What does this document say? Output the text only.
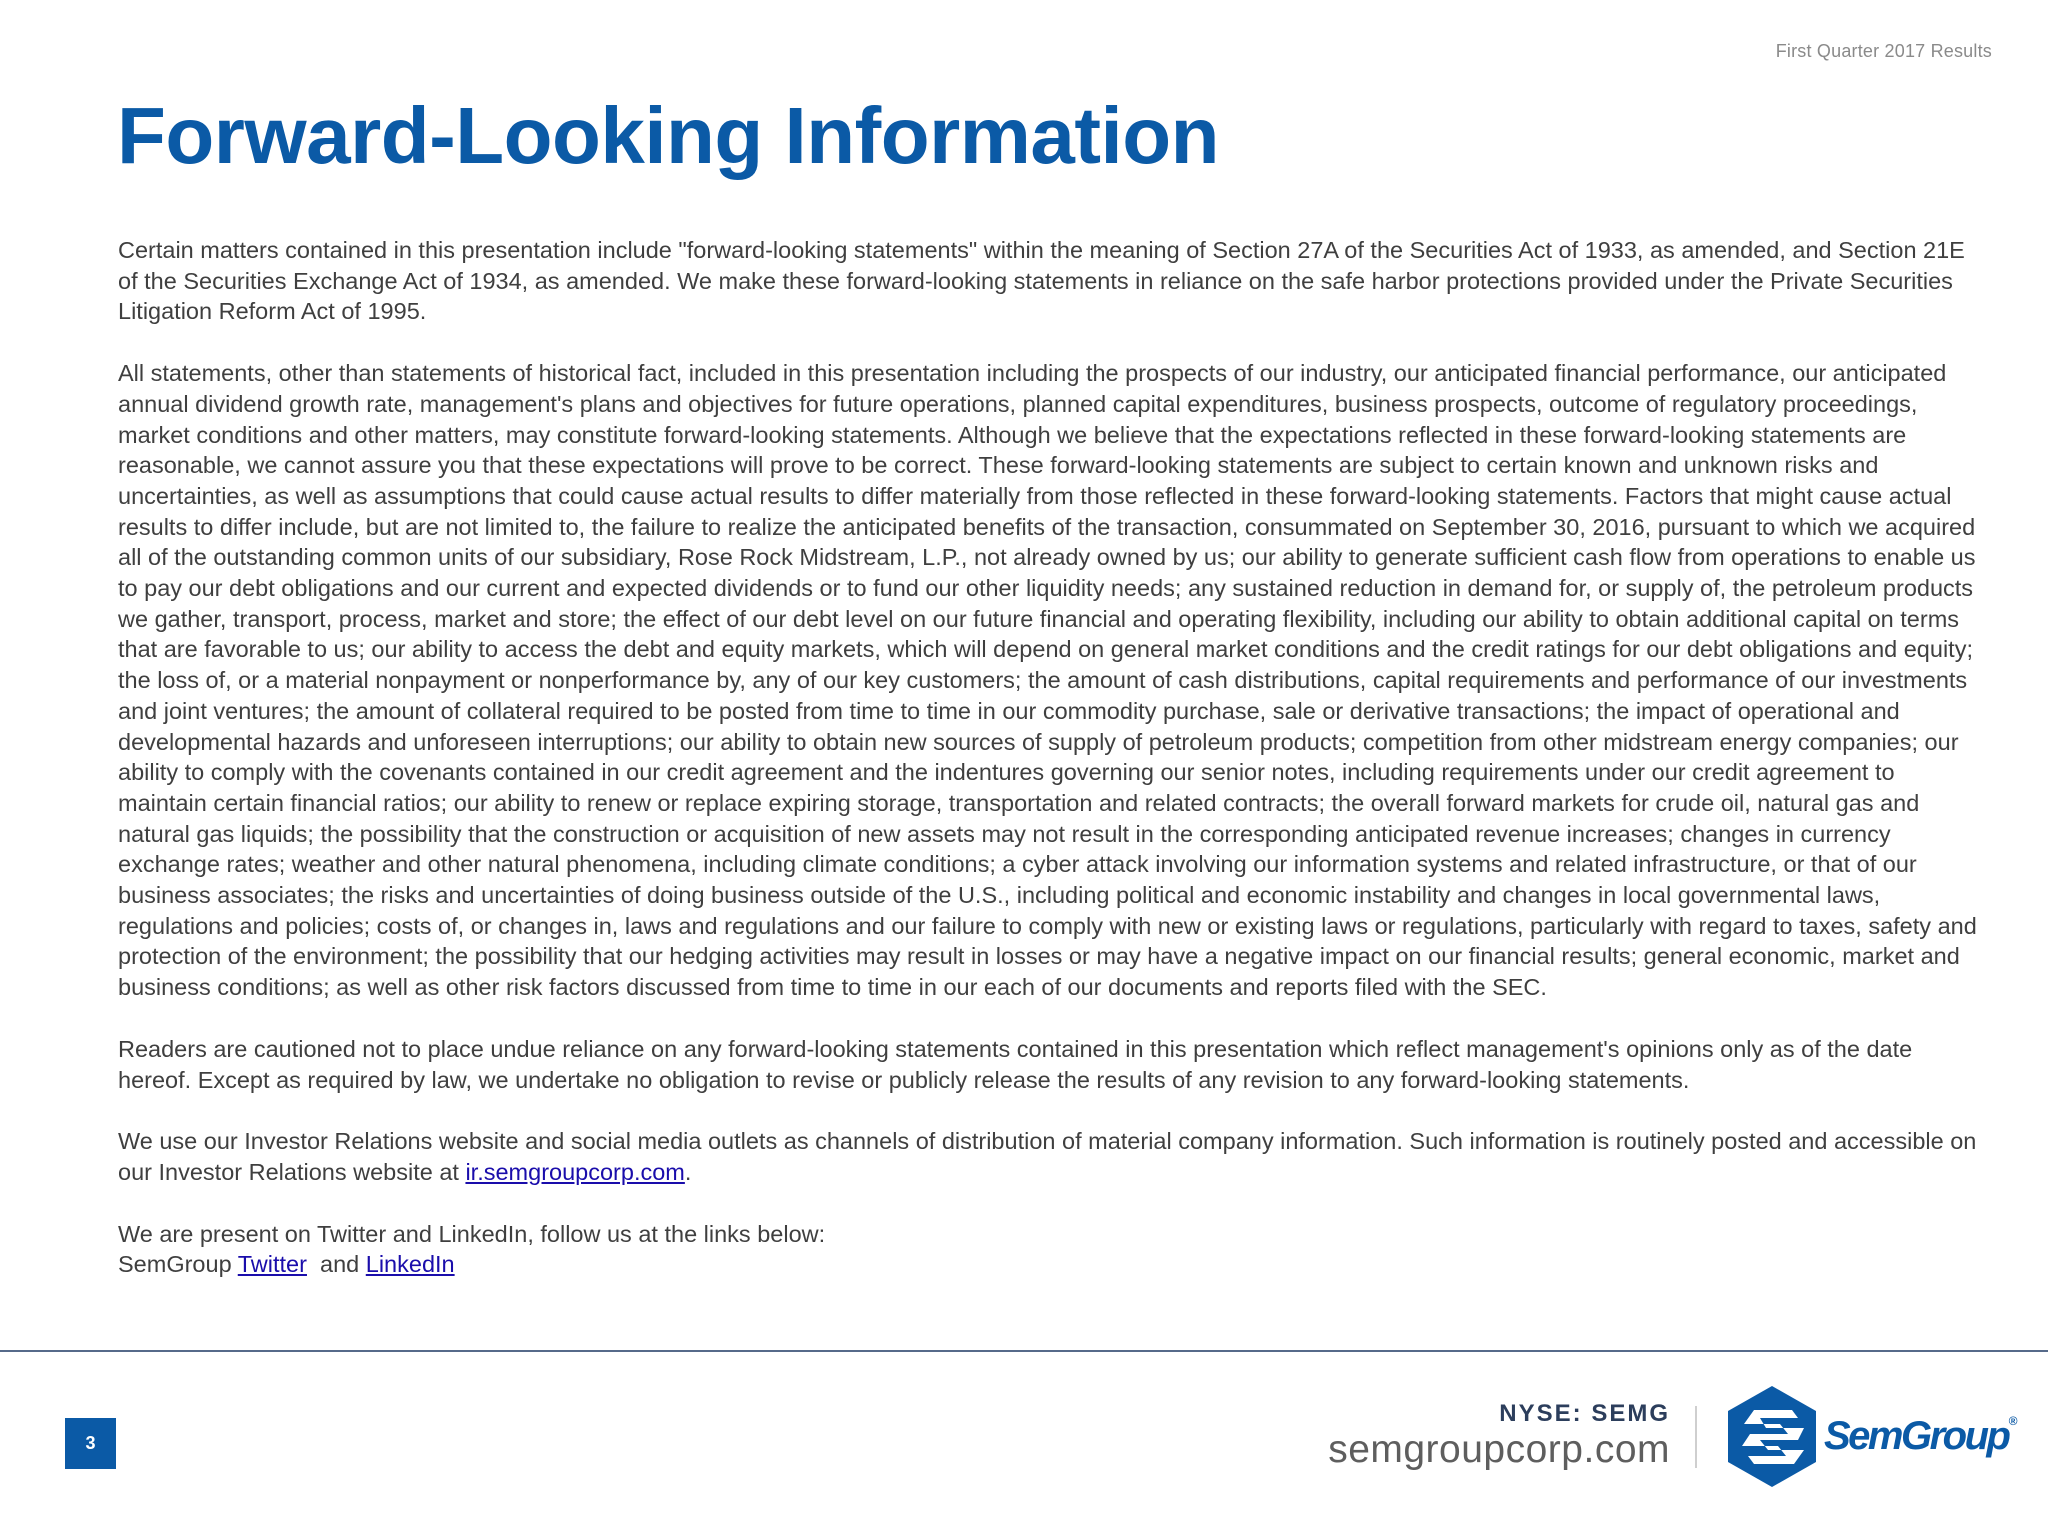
First Quarter 2017 Results
Forward-Looking Information

Certain matters contained in this presentation include "forward-looking statements" within the meaning of Section 27A of the Securities Act of 1933, as amended, and Section 21E of the Securities Exchange Act of 1934, as amended. We make these forward-looking statements in reliance on the safe harbor protections provided under the Private Securities Litigation Reform Act of 1995.

All statements, other than statements of historical fact, included in this presentation including the prospects of our industry, our anticipated financial performance, our anticipated annual dividend growth rate, management's plans and objectives for future operations, planned capital expenditures, business prospects, outcome of regulatory proceedings, market conditions and other matters, may constitute forward-looking statements. Although we believe that the expectations reflected in these forward-looking statements are reasonable, we cannot assure you that these expectations will prove to be correct. These forward-looking statements are subject to certain known and unknown risks and uncertainties, as well as assumptions that could cause actual results to differ materially from those reflected in these forward-looking statements. Factors that might cause actual results to differ include, but are not limited to, the failure to realize the anticipated benefits of the transaction, consummated on September 30, 2016, pursuant to which we acquired all of the outstanding common units of our subsidiary, Rose Rock Midstream, L.P., not already owned by us; our ability to generate sufficient cash flow from operations to enable us to pay our debt obligations and our current and expected dividends or to fund our other liquidity needs; any sustained reduction in demand for, or supply of, the petroleum products we gather, transport, process, market and store; the effect of our debt level on our future financial and operating flexibility, including our ability to obtain additional capital on terms that are favorable to us; our ability to access the debt and equity markets, which will depend on general market conditions and the credit ratings for our debt obligations and equity; the loss of, or a material nonpayment or nonperformance by, any of our key customers; the amount of cash distributions, capital requirements and performance of our investments and joint ventures; the amount of collateral required to be posted from time to time in our commodity purchase, sale or derivative transactions; the impact of operational and developmental hazards and unforeseen interruptions; our ability to obtain new sources of supply of petroleum products; competition from other midstream energy companies; our ability to comply with the covenants contained in our credit agreement and the indentures governing our senior notes, including requirements under our credit agreement to maintain certain financial ratios; our ability to renew or replace expiring storage, transportation and related contracts; the overall forward markets for crude oil, natural gas and natural gas liquids; the possibility that the construction or acquisition of new assets may not result in the corresponding anticipated revenue increases; changes in currency exchange rates; weather and other natural phenomena, including climate conditions; a cyber attack involving our information systems and related infrastructure, or that of our business associates; the risks and uncertainties of doing business outside of the U.S., including political and economic instability and changes in local governmental laws, regulations and policies; costs of, or changes in, laws and regulations and our failure to comply with new or existing laws or regulations, particularly with regard to taxes, safety and protection of the environment; the possibility that our hedging activities may result in losses or may have a negative impact on our financial results; general economic, market and business conditions; as well as other risk factors discussed from time to time in our each of our documents and reports filed with the SEC.

Readers are cautioned not to place undue reliance on any forward-looking statements contained in this presentation which reflect management's opinions only as of the date hereof. Except as required by law, we undertake no obligation to revise or publicly release the results of any revision to any forward-looking statements.

We use our Investor Relations website and social media outlets as channels of distribution of material company information. Such information is routinely posted and accessible on our Investor Relations website at ir.semgroupcorp.com.

We are present on Twitter and LinkedIn, follow us at the links below:

SemGroup Twitter  and LinkedIn

3
NYSE: SEMG
semgroupcorp.com	SemGroup®
